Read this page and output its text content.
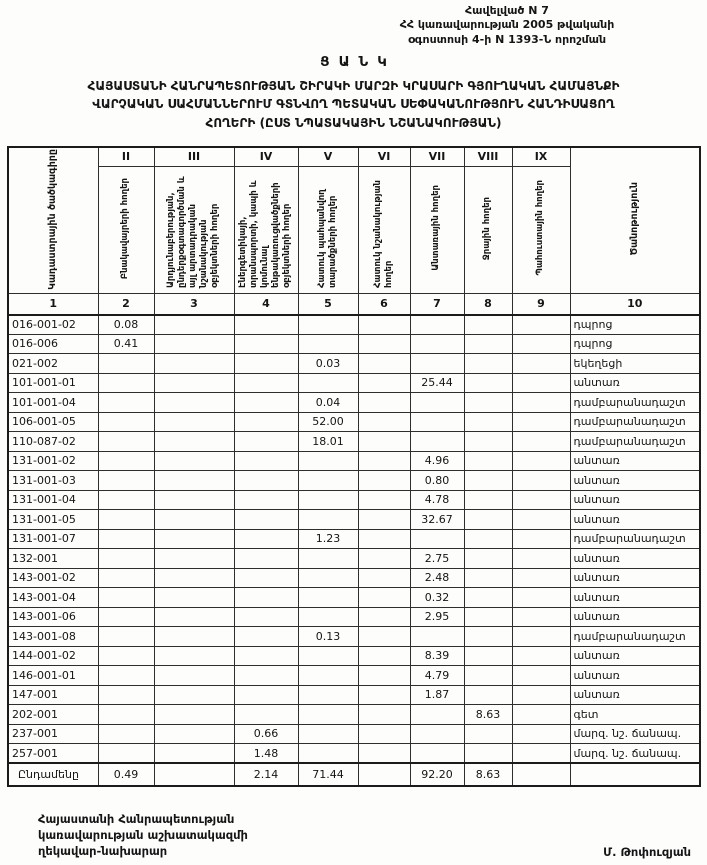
Հավելված N 7
ՀՀ կառավարության 2005 թվականի
օգոստոսի 4-ի N 1393-Ն որոշման
ՑԱՆԿ
ՀԱՅԱՍՏԱՆԻ ՀԱՆՐԱՊԵՏՈՒԹՅԱՆ ՇԻՐԱԿԻ ՄԱՐԶԻ ԿՐԱՍԱՐԻ ԳՅՈՒՂԱԿԱՆ ՀԱՄԱՅՆՔԻ
ՎԱՐՉԱԿԱՆ ՍԱՀՄԱՆՆԵՐՈՒՄ ԳՏՆՎՈՂ ՊԵՏԱԿԱՆ ՍԵՓԱԿԱՆՈՒԹՅՈՒՆ ՀԱՆԴԻՍԱՑՈՂ
ՀՈՂԵՐԻ (ԸՍՏ ՆՊԱՏԱԿԱՅԻՆ ՆՇԱՆԱԿՈՒԹՅԱՆ)
Կադաստրային ծածկագիրը	II	III	IV	V	VI	VII	VIII	IX	Ծանոթություն
	Բնակավայրերի հողեր	Արդյունաբերության, ընդերքօգտագործման և այլ արտադրական նշանակության օբյեկտների հողեր	Էներգետիկայի, տրանսպորտի, կապի և կոմունալ ենթակառուցվածքների օբյեկտների հողեր	Հատուկ պահպանվող տարածքների հողեր	Հատուկ նշանակության հողեր	Անտառային հողեր	Ջրային հողեր	Պահուստային հողեր	
1	2	3	4	5	6	7	8	9	10
016-001-02	0.08								դպրոց
016-006	0.41								դպրոց
021-002				0.03					եկեղեցի
101-001-01						25.44			անտառ
101-001-04				0.04					դամբարանադաշտ
106-001-05				52.00					դամբարանադաշտ
110-087-02				18.01					դամբարանադաշտ
131-001-02						4.96			անտառ
131-001-03						0.80			անտառ
131-001-04						4.78			անտառ
131-001-05						32.67			անտառ
131-001-07				1.23					դամբարանադաշտ
132-001						2.75			անտառ
143-001-02						2.48			անտառ
143-001-04						0.32			անտառ
143-001-06						2.95			անտառ
143-001-08				0.13					դամբարանադաշտ
144-001-02						8.39			անտառ
146-001-01						4.79			անտառ
147-001						1.87			անտառ
202-001							8.63		գետ
237-001			0.66						մարզ. նշ. ճանապ.
257-001			1.48						մարզ. նշ. ճանապ.
Ընդամենը	0.49		2.14	71.44		92.20	8.63		
Հայաստանի Հանրապետության
կառավարության աշխատակազմի
ղեկավար-նախարար	Մ. Թոփուզյան
